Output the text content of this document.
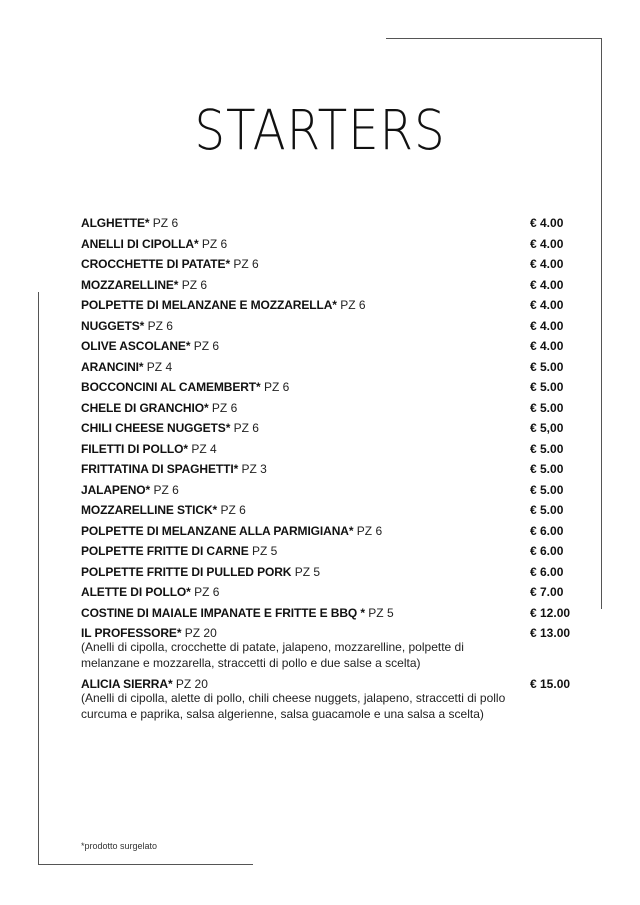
STARTERS
ALGHETTE* PZ 6	€ 4.00
ANELLI DI CIPOLLA* PZ 6	€ 4.00
CROCCHETTE DI PATATE* PZ 6	€ 4.00
MOZZARELLINE* PZ 6	€ 4.00
POLPETTE DI MELANZANE E MOZZARELLA* PZ 6	€ 4.00
NUGGETS* PZ 6	€ 4.00
OLIVE ASCOLANE* PZ 6	€ 4.00
ARANCINI* PZ 4	€ 5.00
BOCCONCINI AL CAMEMBERT* PZ 6	€ 5.00
CHELE DI GRANCHIO* PZ 6	€ 5.00
CHILI CHEESE NUGGETS* PZ 6	€ 5,00
FILETTI DI POLLO* PZ 4	€ 5.00
FRITTATINA DI SPAGHETTI* PZ 3	€ 5.00
JALAPENO* PZ 6	€ 5.00
MOZZARELLINE STICK* PZ 6	€ 5.00
POLPETTE DI MELANZANE ALLA PARMIGIANA* PZ 6	€ 6.00
POLPETTE FRITTE DI CARNE PZ 5	€ 6.00
POLPETTE FRITTE DI PULLED PORK PZ 5	€ 6.00
ALETTE DI POLLO* PZ 6	€ 7.00
COSTINE DI MAIALE IMPANATE E FRITTE E BBQ * PZ 5	€ 12.00
IL PROFESSORE* PZ 20	€ 13.00
(Anelli di cipolla, crocchette di patate, jalapeno, mozzarelline, polpette di melanzane e mozzarella, straccetti di pollo e due salse a scelta)
ALICIA SIERRA* PZ 20	€ 15.00
(Anelli di cipolla, alette di pollo, chili cheese nuggets, jalapeno, straccetti di pollo curcuma e paprika, salsa algerienne, salsa guacamole e una salsa a scelta)
*prodotto surgelato
